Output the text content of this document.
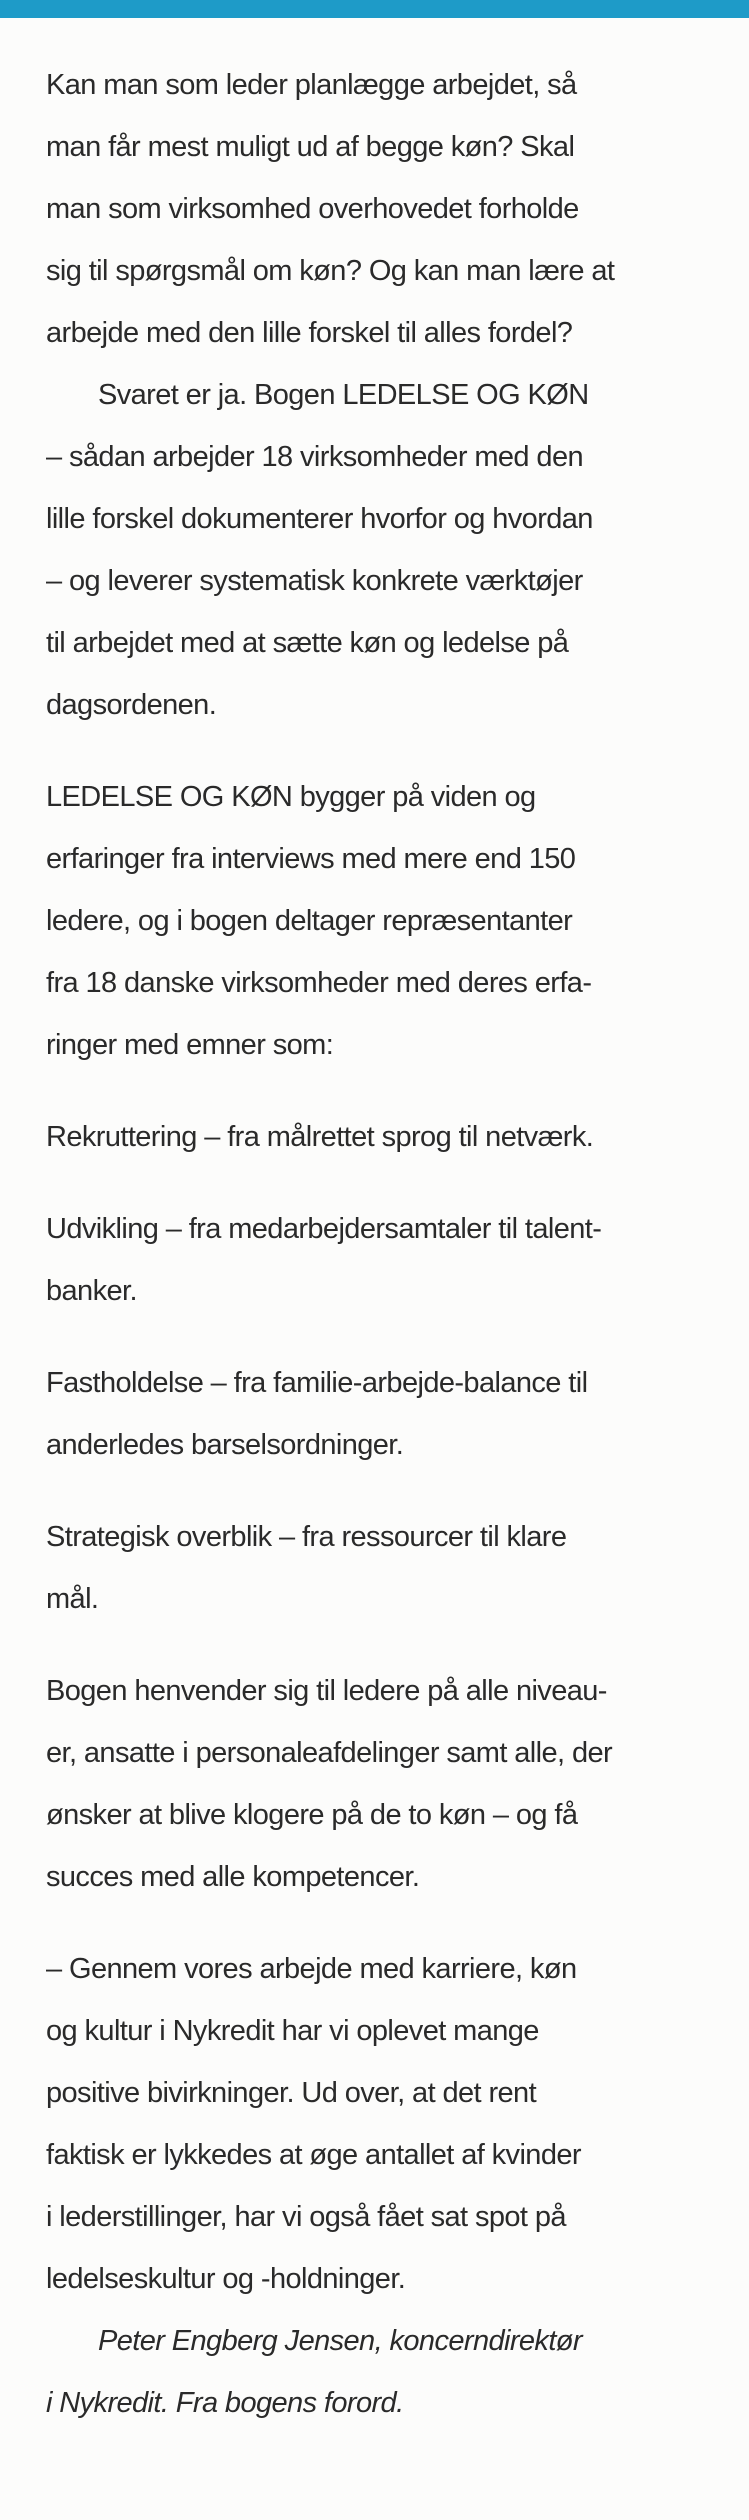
Kan man som leder planlægge arbejdet, så
man får mest muligt ud af begge køn? Skal
man som virksomhed overhovedet forholde
sig til spørgsmål om køn? Og kan man lære at
arbejde med den lille forskel til alles fordel?

Svaret er ja. Bogen LEDELSE OG KØN
– sådan arbejder 18 virksomheder med den
lille forskel dokumenterer hvorfor og hvordan
– og leverer systematisk konkrete værktøjer
til arbejdet med at sætte køn og ledelse på
dagsordenen.

LEDELSE OG KØN bygger på viden og
erfaringer fra interviews med mere end 150
ledere, og i bogen deltager repræsentanter
fra 18 danske virksomheder med deres erfa-
ringer med emner som:

Rekruttering – fra målrettet sprog til netværk.

Udvikling – fra medarbejdersamtaler til talent-
banker.

Fastholdelse – fra familie-arbejde-balance til
anderledes barselsordninger.

Strategisk overblik – fra ressourcer til klare
mål.

Bogen henvender sig til ledere på alle niveau-
er, ansatte i personaleafdelinger samt alle, der
ønsker at blive klogere på de to køn – og få
succes med alle kompetencer.

– Gennem vores arbejde med karriere, køn
og kultur i Nykredit har vi oplevet mange
positive bivirkninger. Ud over, at det rent
faktisk er lykkedes at øge antallet af kvinder
i lederstillinger, har vi også fået sat spot på
ledelseskultur og -holdninger.

Peter Engberg Jensen, koncerndirektør
i Nykredit. Fra bogens forord.
